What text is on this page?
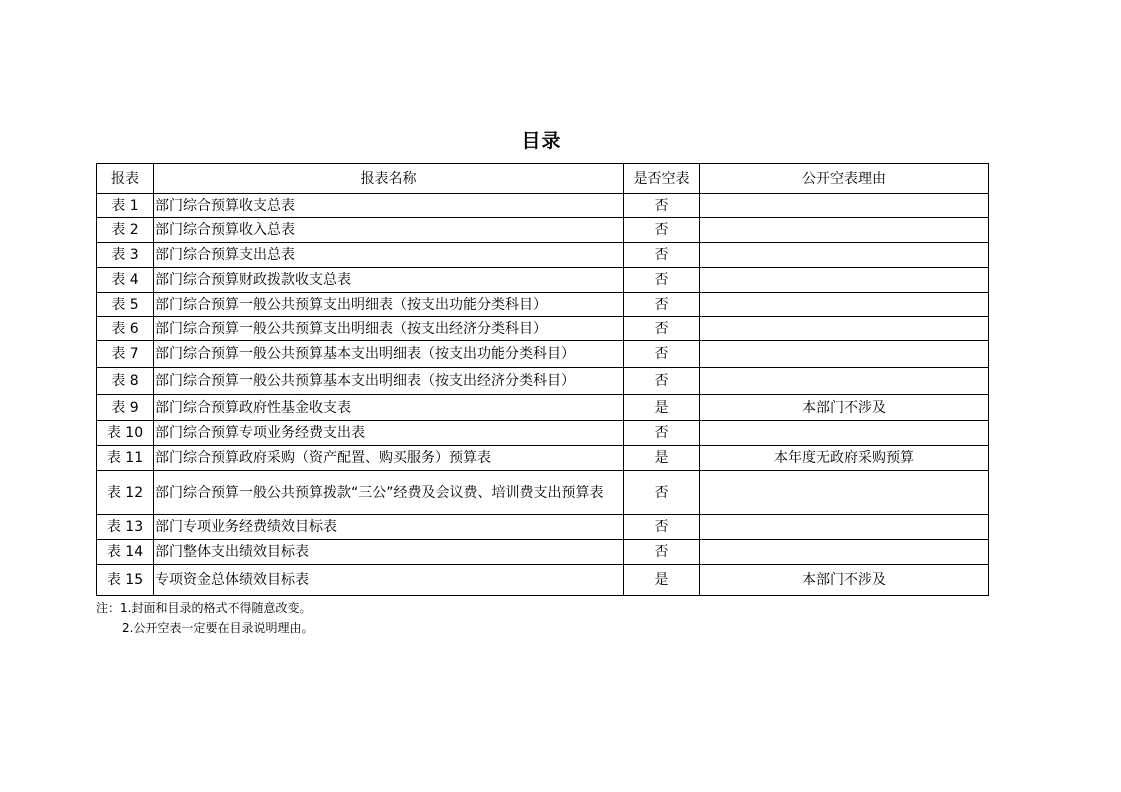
目录
报表	报表名称	是否空表	公开空表理由
表 1	部门综合预算收支总表	否	
表 2	部门综合预算收入总表	否	
表 3	部门综合预算支出总表	否	
表 4	部门综合预算财政拨款收支总表	否	
表 5	部门综合预算一般公共预算支出明细表（按支出功能分类科目）	否	
表 6	部门综合预算一般公共预算支出明细表（按支出经济分类科目）	否	
表 7	部门综合预算一般公共预算基本支出明细表（按支出功能分类科目）	否	
表 8	部门综合预算一般公共预算基本支出明细表（按支出经济分类科目）	否	
表 9	部门综合预算政府性基金收支表	是	本部门不涉及
表 10	部门综合预算专项业务经费支出表	否	
表 11	部门综合预算政府采购（资产配置、购买服务）预算表	是	本年度无政府采购预算
表 12	部门综合预算一般公共预算拨款“三公”经费及会议费、培训费支出预算表	否	
表 13	部门专项业务经费绩效目标表	否	
表 14	部门整体支出绩效目标表	否	
表 15	专项资金总体绩效目标表	是	本部门不涉及
注：1.封面和目录的格式不得随意改变。
2.公开空表一定要在目录说明理由。
